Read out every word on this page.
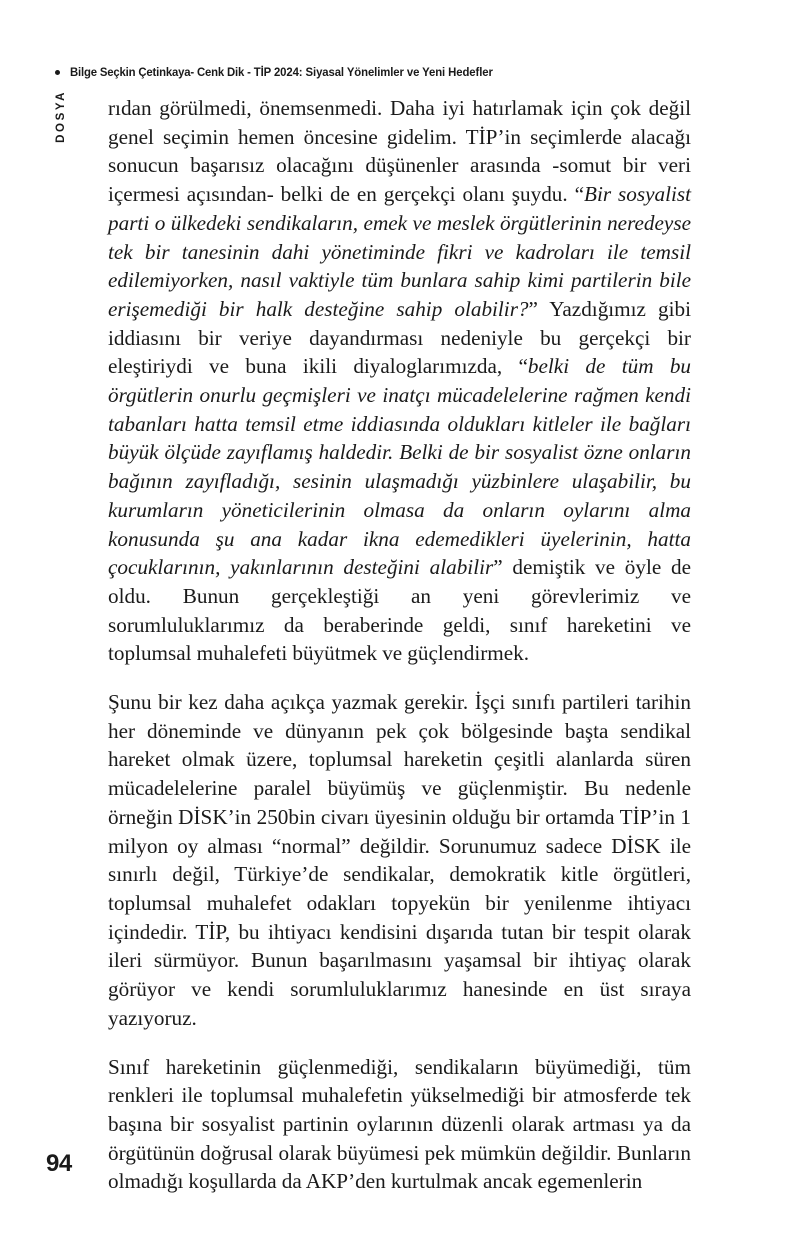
Bilge Seçkin Çetinkaya- Cenk Dik - TİP 2024: Siyasal Yönelimler ve Yeni Hedefler
DOSYA rıdan görülmedi, önemsenmedi. Daha iyi hatırlamak için çok değil genel seçimin hemen öncesine gidelim. TİP’in seçimlerde alacağı sonucun başarısız olacağını düşünenler arasında -somut bir veri içermesi açısından- belki de en gerçekçi olanı şuydu. “Bir sosyalist parti o ülkedeki sendikaların, emek ve meslek örgütlerinin neredeyse tek bir tanesinin dahi yönetiminde fikri ve kadroları ile temsil edilemiyorken, nasıl vaktiyle tüm bunlara sahip kimi partilerin bile erişemediği bir halk desteğine sahip olabilir?” Yazdığımız gibi iddiasını bir veriye dayandırması nedeniyle bu gerçekçi bir eleştiriydi ve buna ikili diyaloglarımızda, “belki de tüm bu örgütlerin onurlu geçmişleri ve inatçı mücadelelerine rağmen kendi tabanları hatta temsil etme iddiasında oldukları kitleler ile bağları büyük ölçüde zayıflamış haldedir. Belki de bir sosyalist özne onların bağının zayıfladığı, sesinin ulaşmadığı yüzbinlere ulaşabilir, bu kurumların yöneticilerinin olmasa da onların oylarını alma konusunda şu ana kadar ikna edemedikleri üyelerinin, hatta çocuklarının, yakınlarının desteğini alabilir” demiştik ve öyle de oldu. Bunun gerçekleştiği an yeni görevlerimiz ve sorumluluklarımız da beraberinde geldi, sınıf hareketini ve toplumsal muhalefeti büyütmek ve güçlendirmek.

Şunu bir kez daha açıkça yazmak gerekir. İşçi sınıfı partileri tarihin her döneminde ve dünyanın pek çok bölgesinde başta sendikal hareket olmak üzere, toplumsal hareketin çeşitli alanlarda süren mücadelelerine paralel büyümüş ve güçlenmiştir. Bu nedenle örneğin DİSK’in 250bin civarı üyesinin olduğu bir ortamda TİP’in 1 milyon oy alması “normal” değildir. Sorunumuz sadece DİSK ile sınırlı değil, Türkiye’de sendikalar, demokratik kitle örgütleri, toplumsal muhalefet odakları topyekün bir yenilenme ihtiyacı içindedir. TİP, bu ihtiyacı kendisini dışarıda tutan bir tespit olarak ileri sürmüyor. Bunun başarılmasını yaşamsal bir ihtiyaç olarak görüyor ve kendi sorumluluklarımız hanesinde en üst sıraya yazıyoruz.

Sınıf hareketinin güçlenmediği, sendikaların büyümediği, tüm renkleri ile toplumsal muhalefetin yükselmediği bir atmosferde tek başına bir sosyalist partinin oylarının düzenli olarak artması ya da örgütünün doğrusal olarak büyümesi pek mümkün değildir. Bunların olmadığı koşullarda da AKP’den kurtulmak ancak egemenlerin

94
